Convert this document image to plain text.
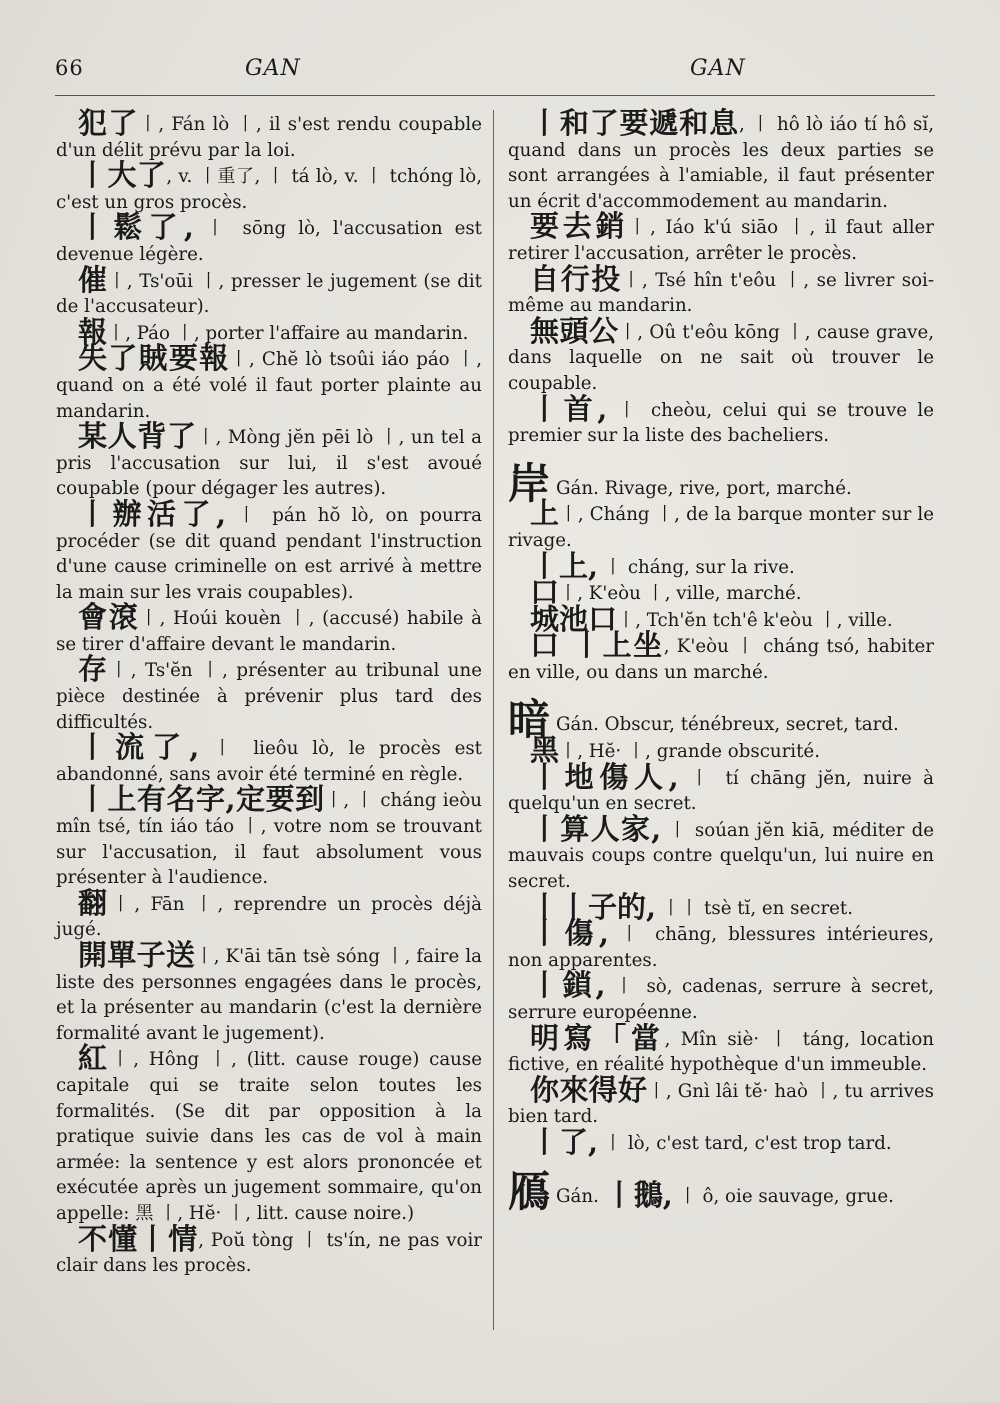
66	GAN	GAN

犯了丨, Fán lò 丨, il s'est rendu coupable d'un délit prévu par la loi.

丨大了, v. 丨重了, 丨 tá lò, v. 丨 tchóng lò, c'est un gros procès.

丨鬆了, 丨 sōng lò, l'accusation est devenue légère.

催丨, Ts'oūi 丨, presser le jugement (se dit de l'accusateur).

報丨, Páo 丨, porter l'affaire au mandarin.

失了賊要報丨, Chĕ lò tsoûi iáo páo 丨, quand on a été volé il faut porter plainte au mandarin.

某人背了丨, Mòng jĕn pēi lò 丨, un tel a pris l'accusation sur lui, il s'est avoué coupable (pour dégager les autres).

丨辦活了, 丨 pán hŏ lò, on pourra procéder (se dit quand pendant l'instruction d'une cause criminelle on est arrivé à mettre la main sur les vrais coupables).

會滾丨, Hoúi kouèn 丨, (accusé) habile à se tirer d'affaire devant le mandarin.

存丨, Ts'ĕn 丨, présenter au tribunal une pièce destinée à prévenir plus tard des difficultés.

丨流了, 丨 lieôu lò, le procès est abandonné, sans avoir été terminé en règle.

丨上有名字,定要到丨, 丨 cháng ieòu mîn tsé, tín iáo táo 丨, votre nom se trouvant sur l'accusation, il faut absolument vous présenter à l'audience.

翻丨, Fān 丨, reprendre un procès déjà jugé.

開單子送丨, K'āi tān tsè sóng 丨, faire la liste des personnes engagées dans le procès, et la présenter au mandarin (c'est la dernière formalité avant le jugement).

紅丨, Hông 丨, (litt. cause rouge) cause capitale qui se traite selon toutes les formalités. (Se dit par opposition à la pratique suivie dans les cas de vol à main armée: la sentence y est alors prononcée et exécutée après un jugement sommaire, qu'on appelle: 黑 丨, Hĕ· 丨, litt. cause noire.)

不懂丨情, Poŭ tòng 丨 ts'ín, ne pas voir clair dans les procès.

丨和了要遞和息, 丨 hô lò iáo tí hô sĭ, quand dans un procès les deux parties se sont arrangées à l'amiable, il faut présenter un écrit d'accommodement au mandarin.

要去銷丨, Iáo k'ú siāo 丨, il faut aller retirer l'accusation, arrêter le procès.

自行投丨, Tsé hîn t'eôu 丨, se livrer soi-même au mandarin.

無頭公丨, Oû t'eôu kōng 丨, cause grave, dans laquelle on ne sait où trouver le coupable.

丨首, 丨 cheòu, celui qui se trouve le premier sur la liste des bacheliers.

岸 Gán. Rivage, rive, port, marché.

上丨, Cháng 丨, de la barque monter sur le rivage.

丨上, 丨 cháng, sur la rive.

口丨, K'eòu 丨, ville, marché.

城池口丨, Tch'ĕn tch'ê k'eòu 丨, ville.

口 丨上坐, K'eòu 丨 cháng tsó, habiter en ville, ou dans un marché.

暗 Gán. Obscur, ténébreux, secret, tard.

黑丨, Hĕ· 丨, grande obscurité.

丨地傷人, 丨 tí chāng jĕn, nuire à quelqu'un en secret.

丨算人家, 丨 soúan jĕn kiā, méditer de mauvais coups contre quelqu'un, lui nuire en secret.

丨丨子的, 丨丨 tsè tĭ, en secret.

丨傷, 丨 chāng, blessures intérieures, non apparentes.

丨鎖, 丨 sò, cadenas, serrure à secret, serrure européenne.

明寫「當, Mîn siè· 丨 táng, location fictive, en réalité hypothèque d'un immeuble.

你來得好丨, Gnì lâi tĕ· haò 丨, tu arrives bien tard.

丨了, 丨 lò, c'est tard, c'est trop tard.

鴈 Gán. 丨鵝, 丨 ô, oie sauvage, grue.
